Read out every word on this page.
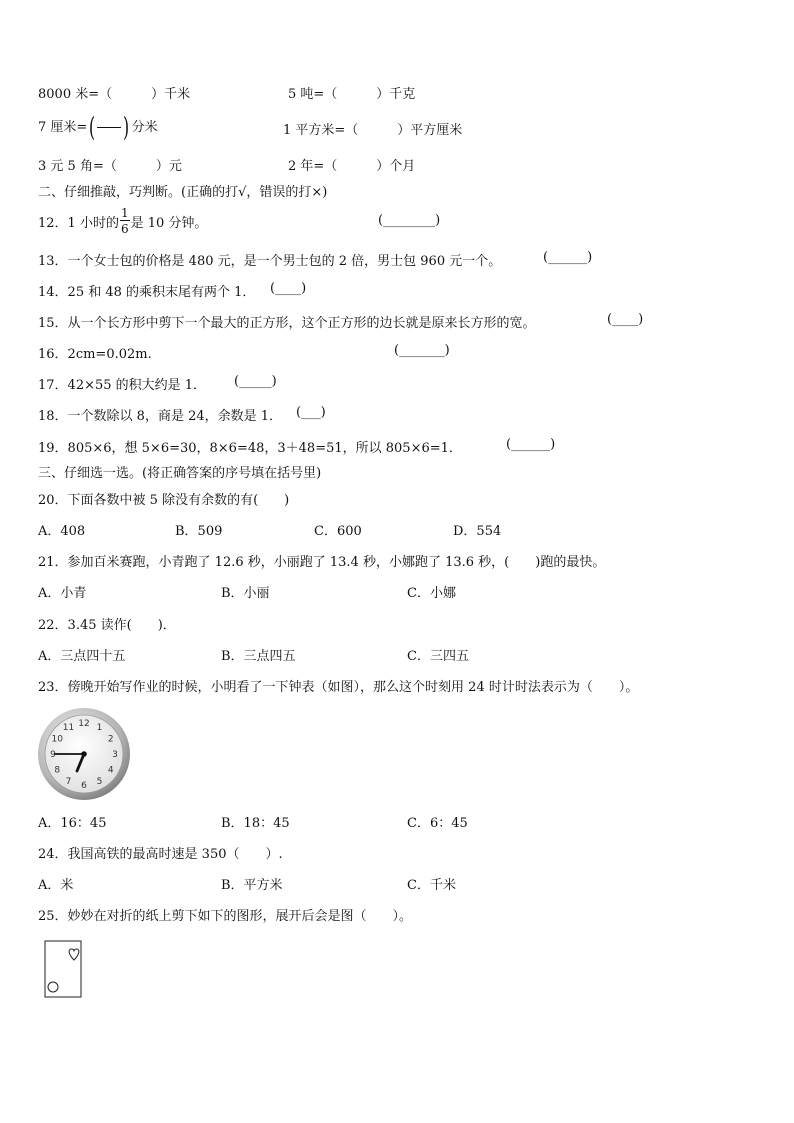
8000 米=（　　　）千米	5 吨=（　　　）千克
7 厘米=( ) 分米	1 平方米=（　　　）平方厘米
3 元 5 角=（　　　）元	2 年=（　　　）个月
二、仔细推敲，巧判断。(正确的打√，错误的打×)
12．1 小时的 $\frac{1}{6}$ 是 10 分钟。	(________)
13．一个女士包的价格是 480 元，是一个男士包的 2 倍，男士包 960 元一个。	(______)
14．25 和 48 的乘积末尾有两个 1． (____)
15．从一个长方形中剪下一个最大的正方形，这个正方形的边长就是原来长方形的宽。	(____)
16．2cm=0.02m.	(_______)
17．42×55 的积大约是 1． (_____)
18．一个数除以 8，商是 24，余数是 1． (___)
19．805×6，想 5×6=30，8×6=48，3＋48=51，所以 805×6=1．	(______)
三、仔细选一选。(将正确答案的序号填在括号里)
20．下面各数中被 5 除没有余数的有(　　)
A．408	B．509	C．600	D．554
21．参加百米赛跑，小青跑了 12.6 秒，小丽跑了 13.4 秒，小娜跑了 13.6 秒，(　　)跑的最快。
A．小青	B．小丽	C．小娜
22．3.45 读作(　　)．
A．三点四十五	B．三点四五	C．三四五
23．傍晚开始写作业的时候，小明看了一下钟表（如图），那么这个时刻用 24 时计时法表示为（　　）。
12 1
2
3
4
5
6
7
8
9
10
11
A．16：45	B．18：45	C．6：45
24．我国高铁的最高时速是 350（　　）.
A．米	B．平方米	C．千米
25．妙妙在对折的纸上剪下如下的图形，展开后会是图（　　）。
